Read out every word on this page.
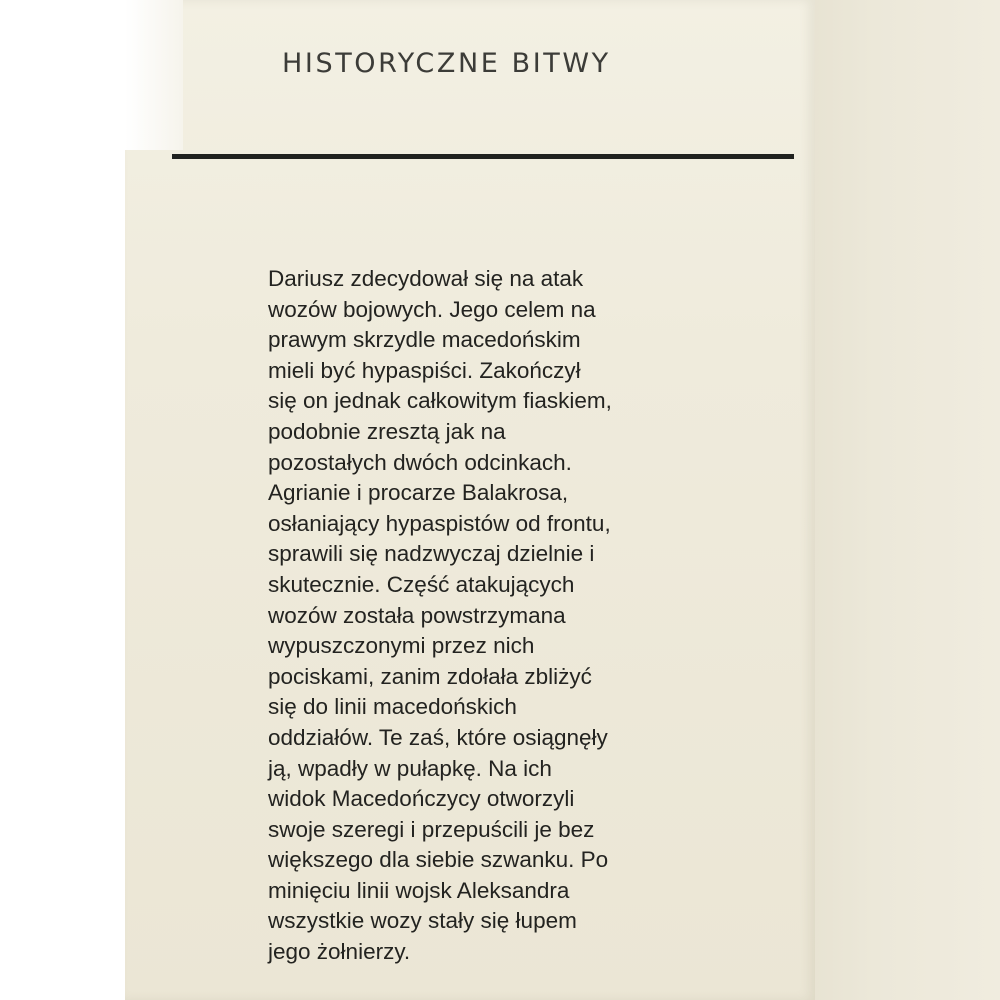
HISTORYCZNE BITWY
Dariusz zdecydował się na atak
wozów bojowych. Jego celem na
prawym skrzydle macedońskim
mieli być hypaspiści. Zakończył
się on jednak całkowitym fiaskiem,
podobnie zresztą jak na
pozostałych dwóch odcinkach.
Agrianie i procarze Balakrosa,
osłaniający hypaspistów od frontu,
sprawili się nadzwyczaj dzielnie i
skutecznie. Część atakujących
wozów została powstrzymana
wypuszczonymi przez nich
pociskami, zanim zdołała zbliżyć
się do linii macedońskich
oddziałów. Te zaś, które osiągnęły
ją, wpadły w pułapkę. Na ich
widok Macedończycy otworzyli
swoje szeregi i przepuścili je bez
większego dla siebie szwanku. Po
minięciu linii wojsk Aleksandra
wszystkie wozy stały się łupem
jego żołnierzy.
